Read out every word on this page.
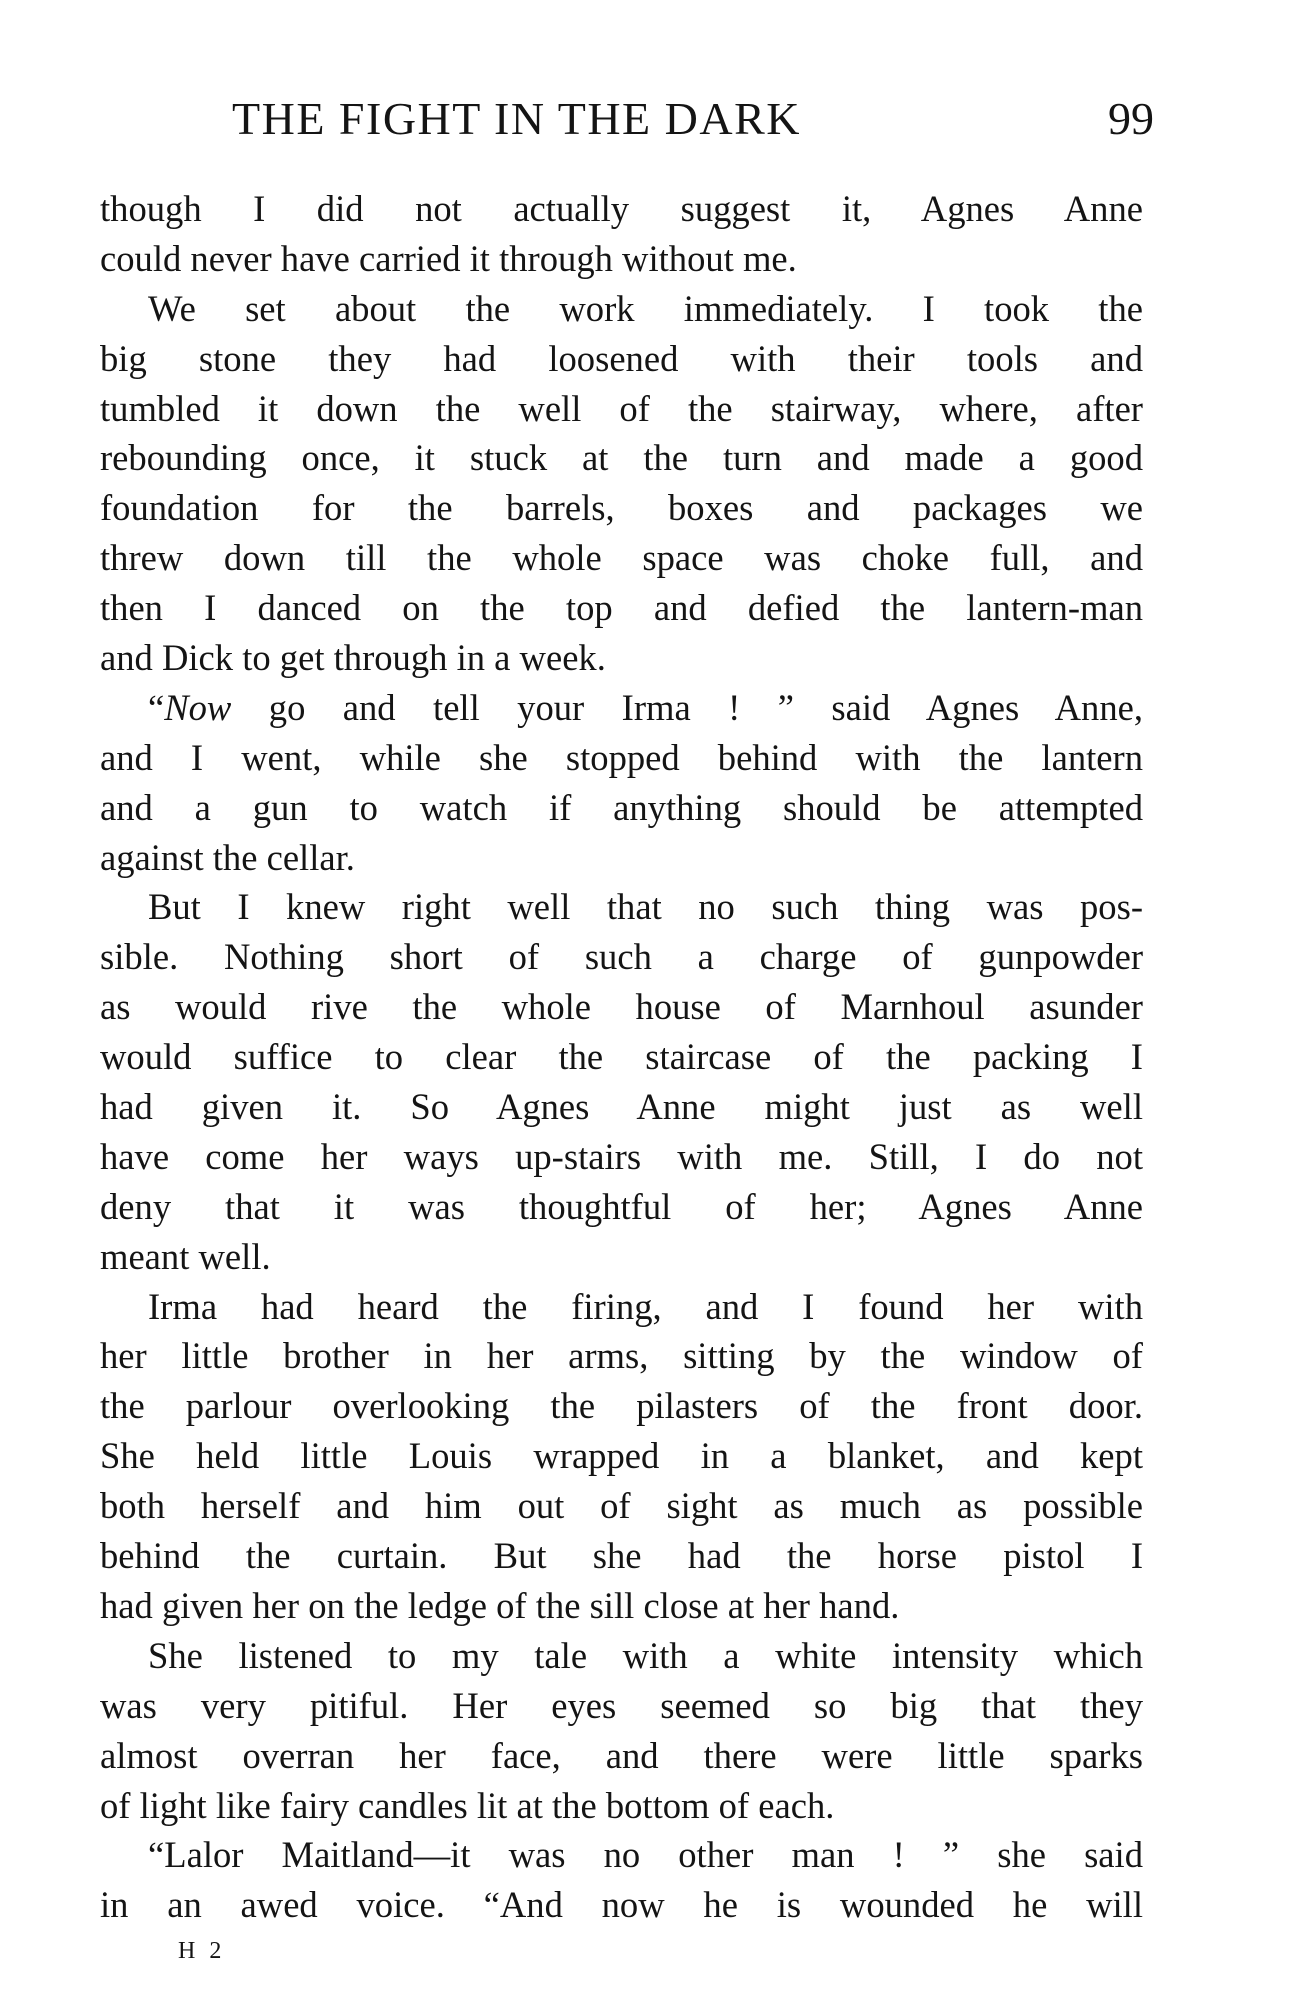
THE FIGHT IN THE DARK	99
though I did not actually suggest it, Agnes Anne
could never have carried it through without me.
We set about the work immediately. I took the
big stone they had loosened with their tools and
tumbled it down the well of the stairway, where, after
rebounding once, it stuck at the turn and made a good
foundation for the barrels, boxes and packages we
threw down till the whole space was choke full, and
then I danced on the top and defied the lantern-man
and Dick to get through in a week.
“Now go and tell your Irma ! ” said Agnes Anne,
and I went, while she stopped behind with the lantern
and a gun to watch if anything should be attempted
against the cellar.
But I knew right well that no such thing was pos-
sible. Nothing short of such a charge of gunpowder
as would rive the whole house of Marnhoul asunder
would suffice to clear the staircase of the packing I
had given it. So Agnes Anne might just as well
have come her ways up-stairs with me. Still, I do not
deny that it was thoughtful of her; Agnes Anne
meant well.
Irma had heard the firing, and I found her with
her little brother in her arms, sitting by the window of
the parlour overlooking the pilasters of the front door.
She held little Louis wrapped in a blanket, and kept
both herself and him out of sight as much as possible
behind the curtain. But she had the horse pistol I
had given her on the ledge of the sill close at her hand.
She listened to my tale with a white intensity which
was very pitiful. Her eyes seemed so big that they
almost overran her face, and there were little sparks
of light like fairy candles lit at the bottom of each.
“Lalor Maitland—it was no other man ! ” she said
in an awed voice. “And now he is wounded he will
H 2
